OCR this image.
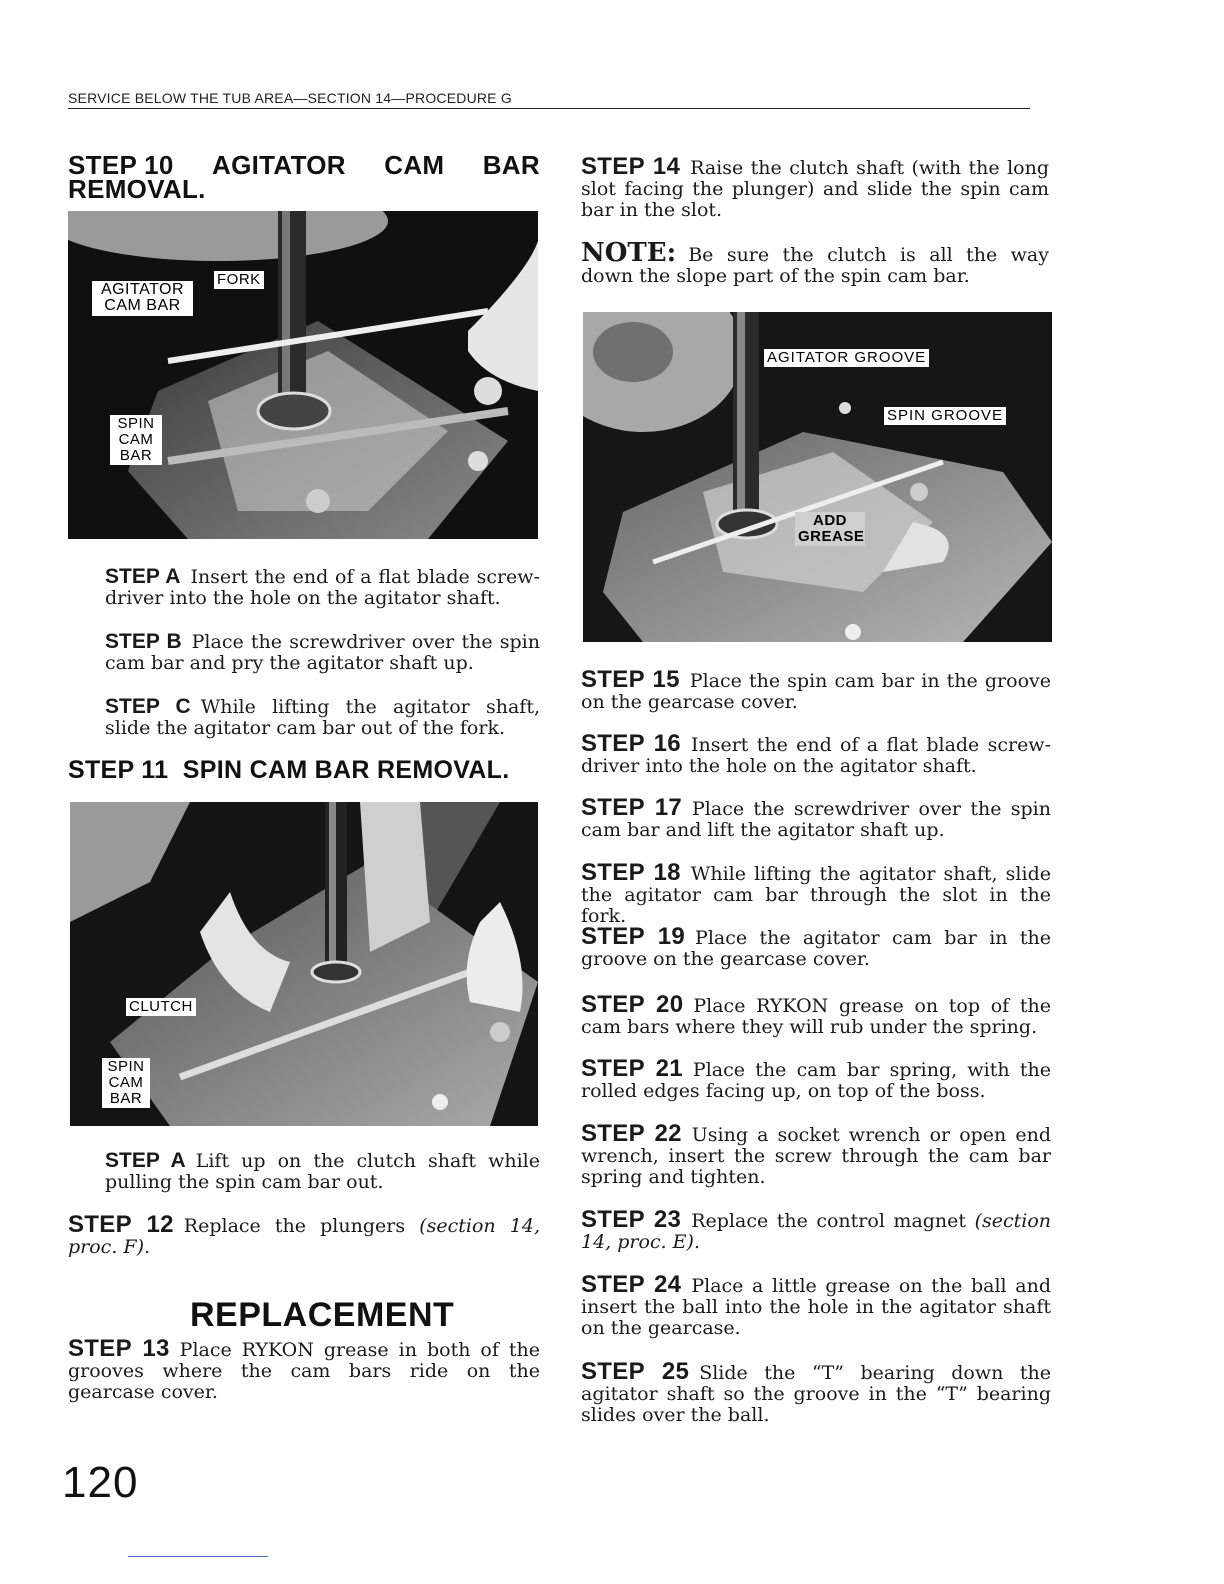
SERVICE BELOW THE TUB AREA—SECTION 14—PROCEDURE G
STEP 10 AGITATOR CAM BAR
REMOVAL.
AGITATOR CAM BAR
FORK
SPIN CAM BAR
STEP A Insert the end of a flat blade screw-driver into the hole on the agitator shaft.
STEP B Place the screwdriver over the spin cam bar and pry the agitator shaft up.
STEP C While lifting the agitator shaft, slide the agitator cam bar out of the fork.
STEP 11  SPIN CAM BAR REMOVAL.
CLUTCH
SPIN CAM BAR
STEP A Lift up on the clutch shaft while pulling the spin cam bar out.
STEP 12 Replace the plungers (section 14, proc. F).
REPLACEMENT
STEP 13 Place RYKON grease in both of the grooves where the cam bars ride on the gearcase cover.
STEP 14 Raise the clutch shaft (with the long slot facing the plunger) and slide the spin cam bar in the slot.
NOTE: Be sure the clutch is all the way down the slope part of the spin cam bar.
AGITATOR GROOVE
SPIN GROOVE
ADD GREASE
STEP 15 Place the spin cam bar in the groove on the gearcase cover.
STEP 16 Insert the end of a flat blade screw-driver into the hole on the agitator shaft.
STEP 17 Place the screwdriver over the spin cam bar and lift the agitator shaft up.
STEP 18 While lifting the agitator shaft, slide the agitator cam bar through the slot in the fork.
STEP 19 Place the agitator cam bar in the groove on the gearcase cover.
STEP 20 Place RYKON grease on top of the cam bars where they will rub under the spring.
STEP 21 Place the cam bar spring, with the rolled edges facing up, on top of the boss.
STEP 22 Using a socket wrench or open end wrench, insert the screw through the cam bar spring and tighten.
STEP 23 Replace the control magnet (section 14, proc. E).
STEP 24 Place a little grease on the ball and insert the ball into the hole in the agitator shaft on the gearcase.
STEP 25 Slide the “T” bearing down the agitator shaft so the groove in the “T” bearing slides over the ball.
120
